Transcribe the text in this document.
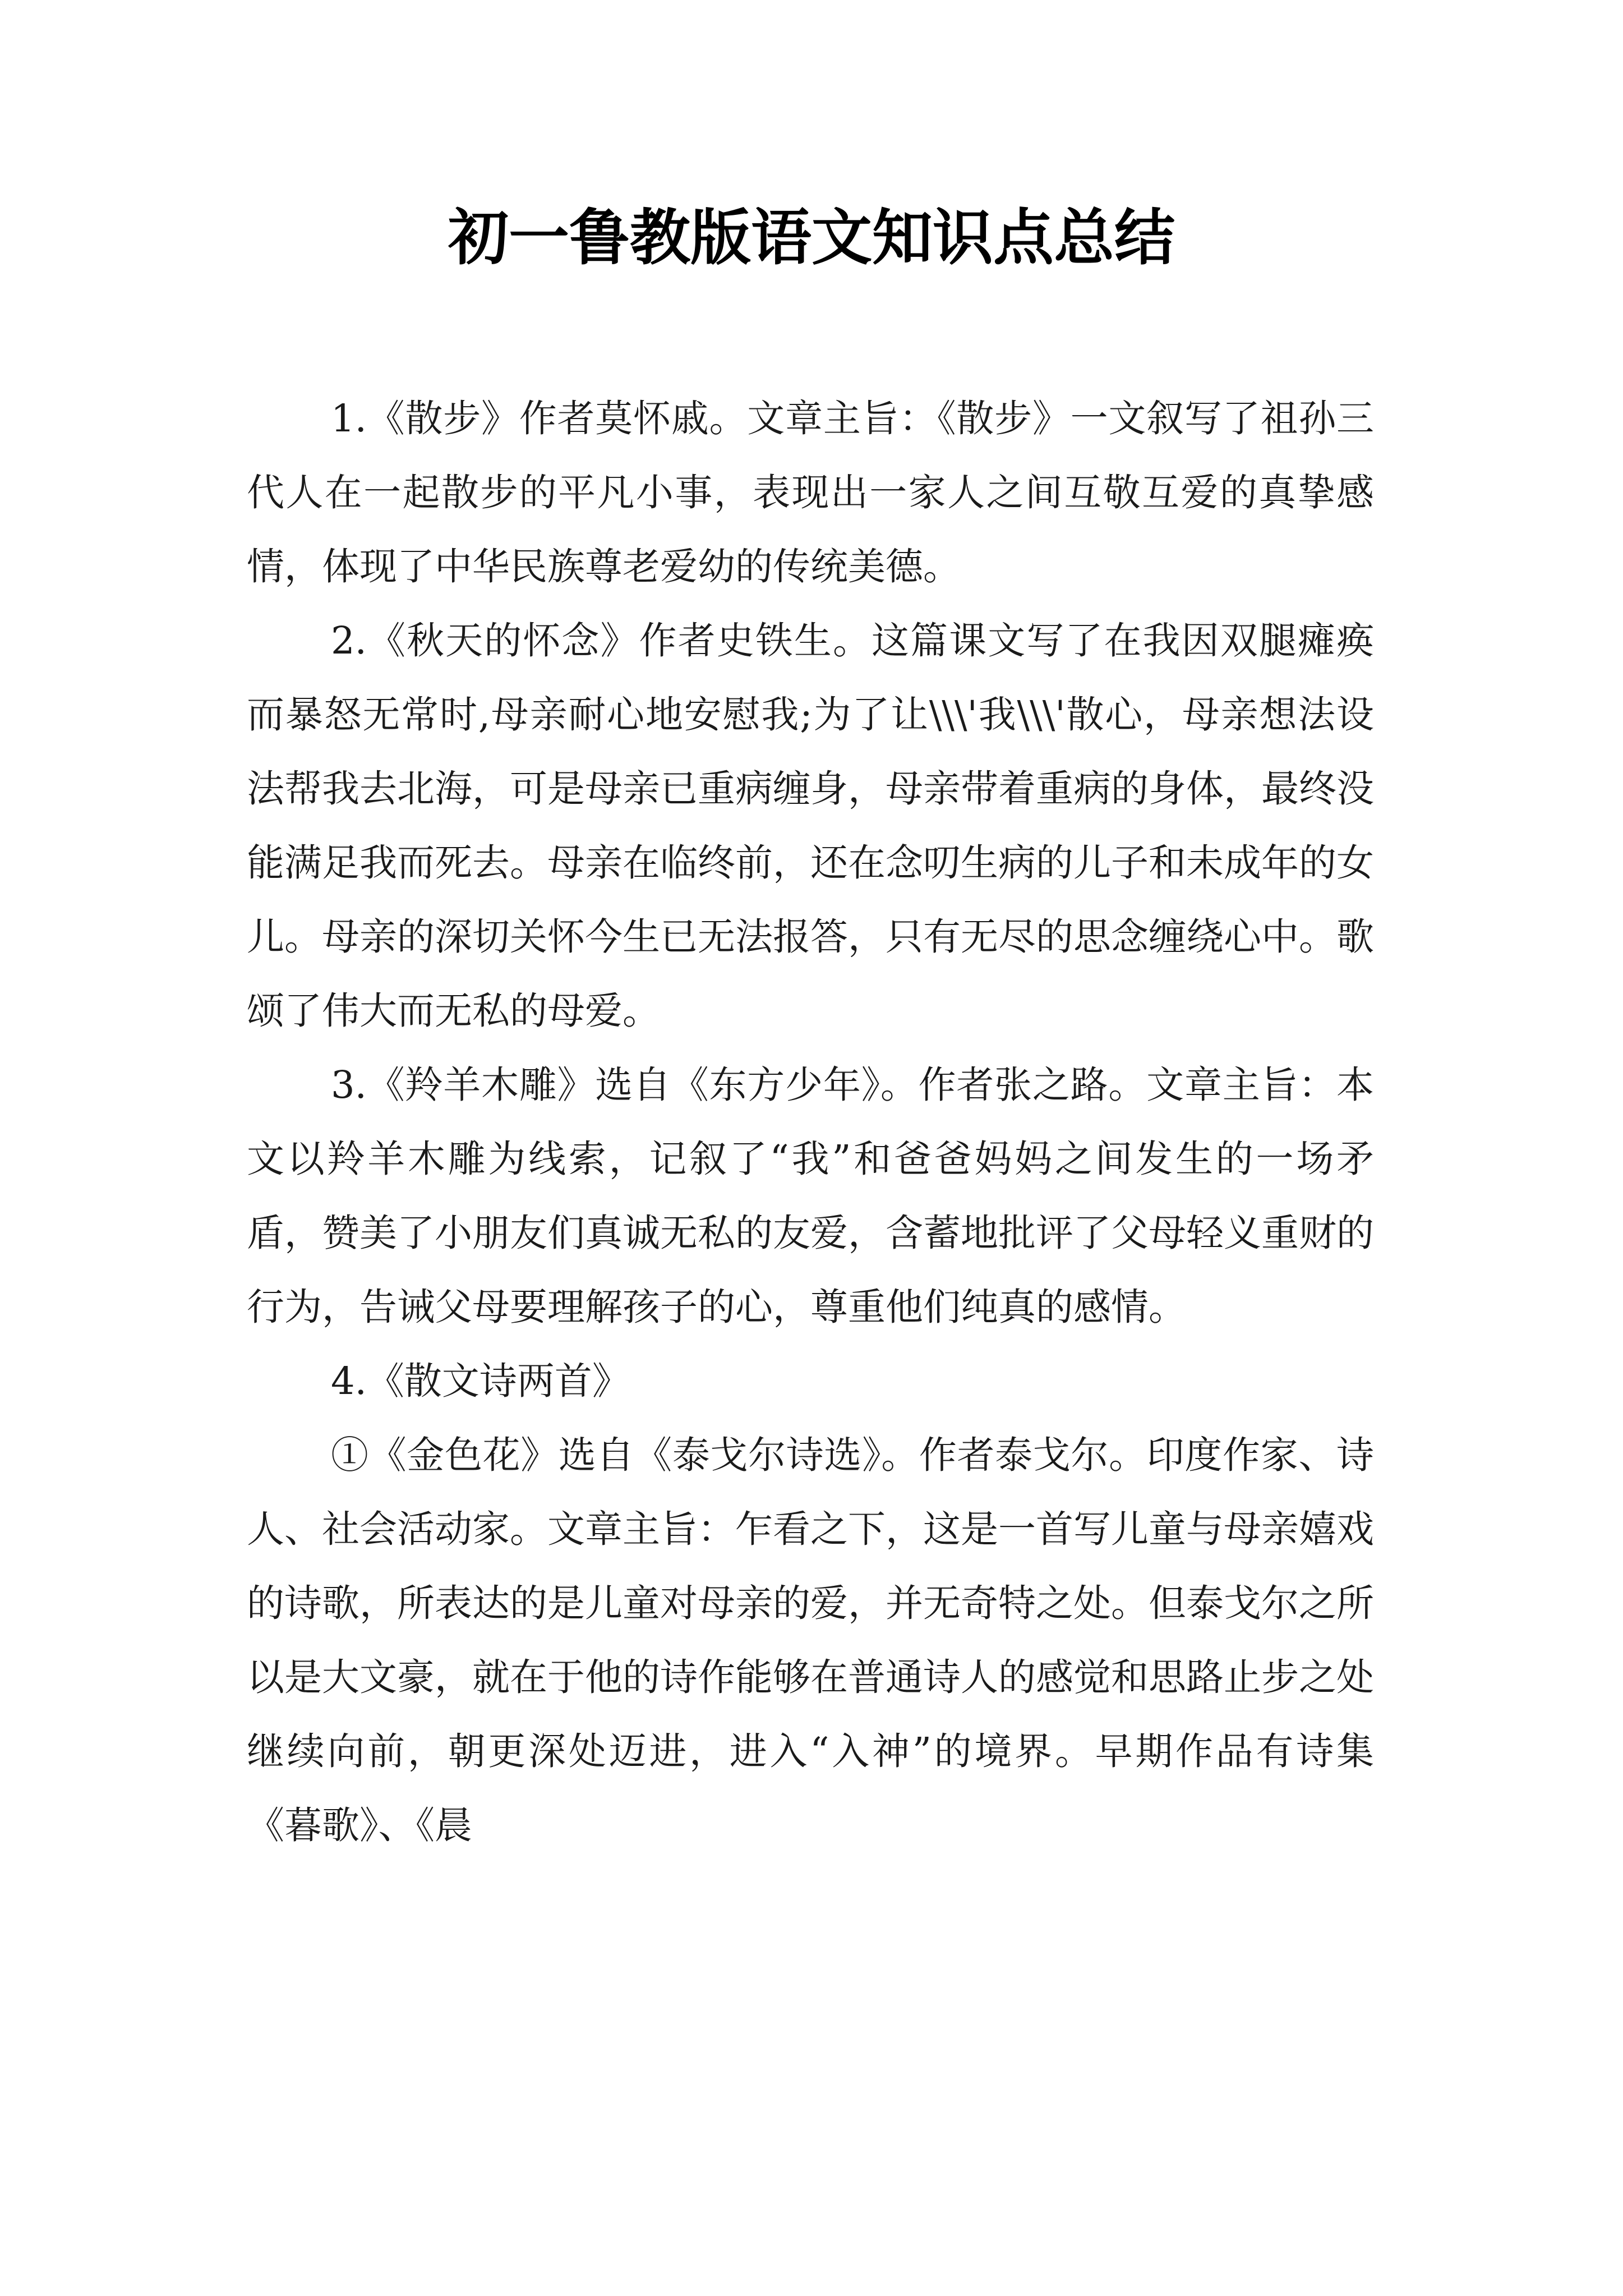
初一鲁教版语文知识点总结

1.《散步》作者莫怀戚。文章主旨：《散步》一文叙写了祖孙三代人在一起散步的平凡小事，表现出一家人之间互敬互爱的真挚感情，体现了中华民族尊老爱幼的传统美德。

2.《秋天的怀念》作者史铁生。这篇课文写了在我因双腿瘫痪而暴怒无常时,母亲耐心地安慰我;为了让\\\'我\\\'散心，母亲想法设法帮我去北海，可是母亲已重病缠身，母亲带着重病的身体，最终没能满足我而死去。母亲在临终前，还在念叨生病的儿子和未成年的女儿。母亲的深切关怀今生已无法报答，只有无尽的思念缠绕心中。歌颂了伟大而无私的母爱。

3.《羚羊木雕》选自《东方少年》。作者张之路。文章主旨：本文以羚羊木雕为线索，记叙了“我”和爸爸妈妈之间发生的一场矛盾，赞美了小朋友们真诚无私的友爱，含蓄地批评了父母轻义重财的行为，告诫父母要理解孩子的心，尊重他们纯真的感情。

4.《散文诗两首》

①《金色花》选自《泰戈尔诗选》。作者泰戈尔。印度作家、诗人、社会活动家。文章主旨：乍看之下，这是一首写儿童与母亲嬉戏的诗歌，所表达的是儿童对母亲的爱，并无奇特之处。但泰戈尔之所以是大文豪，就在于他的诗作能够在普通诗人的感觉和思路止步之处继续向前，朝更深处迈进，进入“入神”的境界。早期作品有诗集《暮歌》、《晨
